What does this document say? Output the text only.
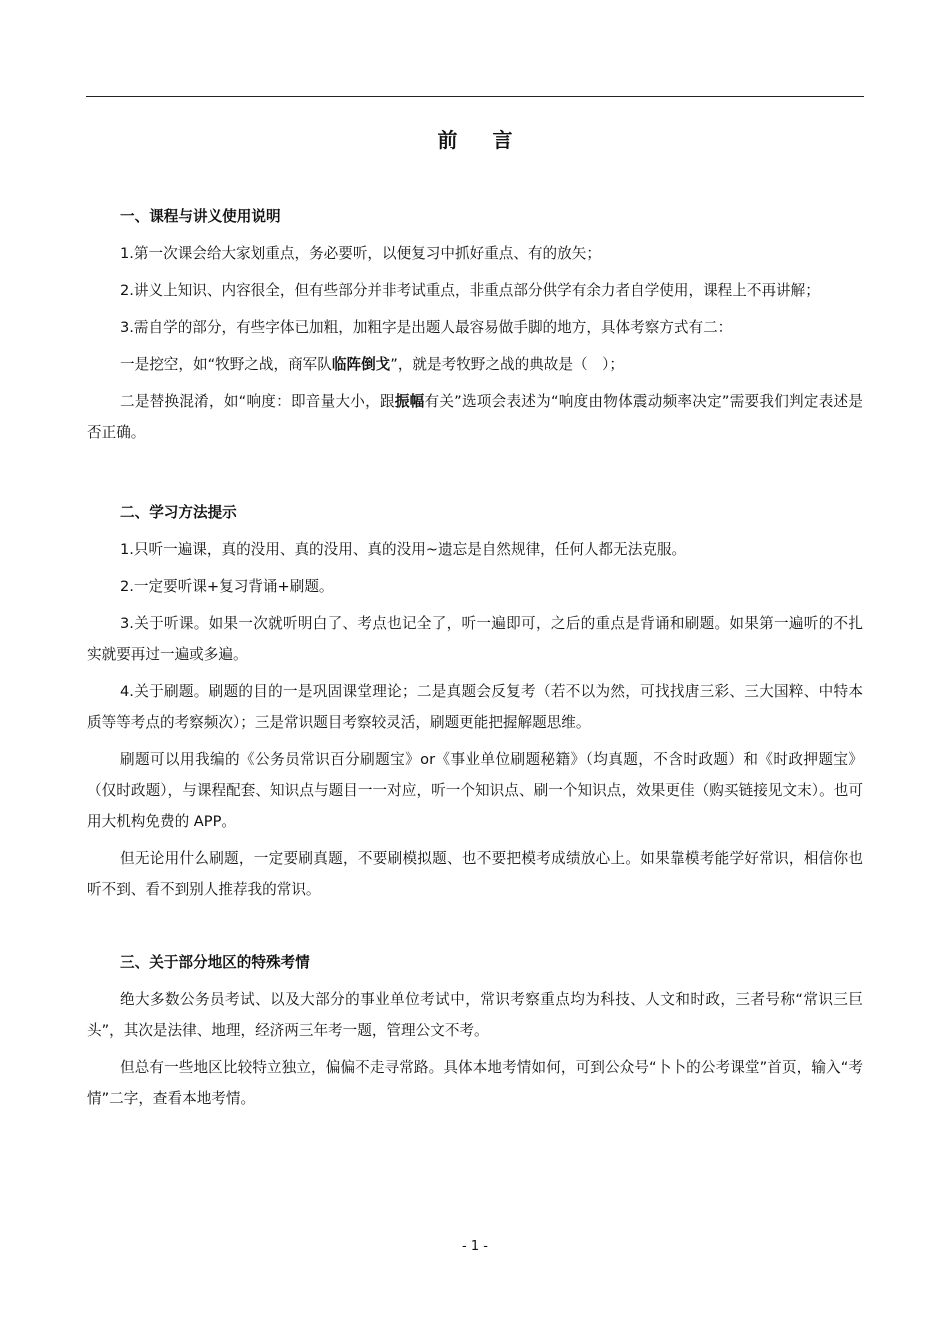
前 言

一、课程与讲义使用说明

1.第一次课会给大家划重点，务必要听，以便复习中抓好重点、有的放矢；

2.讲义上知识、内容很全，但有些部分并非考试重点，非重点部分供学有余力者自学使用，课程上不再讲解；

3.需自学的部分，有些字体已加粗，加粗字是出题人最容易做手脚的地方，具体考察方式有二：

一是挖空，如“牧野之战，商军队临阵倒戈”，就是考牧野之战的典故是（　）；

二是替换混淆，如“响度：即音量大小，跟振幅有关”选项会表述为“响度由物体震动频率决定”需要我们判定表述是否正确。

二、学习方法提示

1.只听一遍课，真的没用、真的没用、真的没用~遗忘是自然规律，任何人都无法克服。

2.一定要听课+复习背诵+刷题。

3.关于听课。如果一次就听明白了、考点也记全了，听一遍即可，之后的重点是背诵和刷题。如果第一遍听的不扎实就要再过一遍或多遍。

4.关于刷题。刷题的目的一是巩固课堂理论；二是真题会反复考（若不以为然，可找找唐三彩、三大国粹、中特本质等等考点的考察频次）；三是常识题目考察较灵活，刷题更能把握解题思维。

刷题可以用我编的《公务员常识百分刷题宝》or《事业单位刷题秘籍》（均真题，不含时政题）和《时政押题宝》（仅时政题），与课程配套、知识点与题目一一对应，听一个知识点、刷一个知识点，效果更佳（购买链接见文末）。也可用大机构免费的 APP。

但无论用什么刷题，一定要刷真题，不要刷模拟题、也不要把模考成绩放心上。如果靠模考能学好常识，相信你也听不到、看不到别人推荐我的常识。

三、关于部分地区的特殊考情

绝大多数公务员考试、以及大部分的事业单位考试中，常识考察重点均为科技、人文和时政，三者号称“常识三巨头”，其次是法律、地理，经济两三年考一题，管理公文不考。

但总有一些地区比较特立独立，偏偏不走寻常路。具体本地考情如何，可到公众号“卜卜的公考课堂”首页，输入“考情”二字，查看本地考情。

- 1 -
